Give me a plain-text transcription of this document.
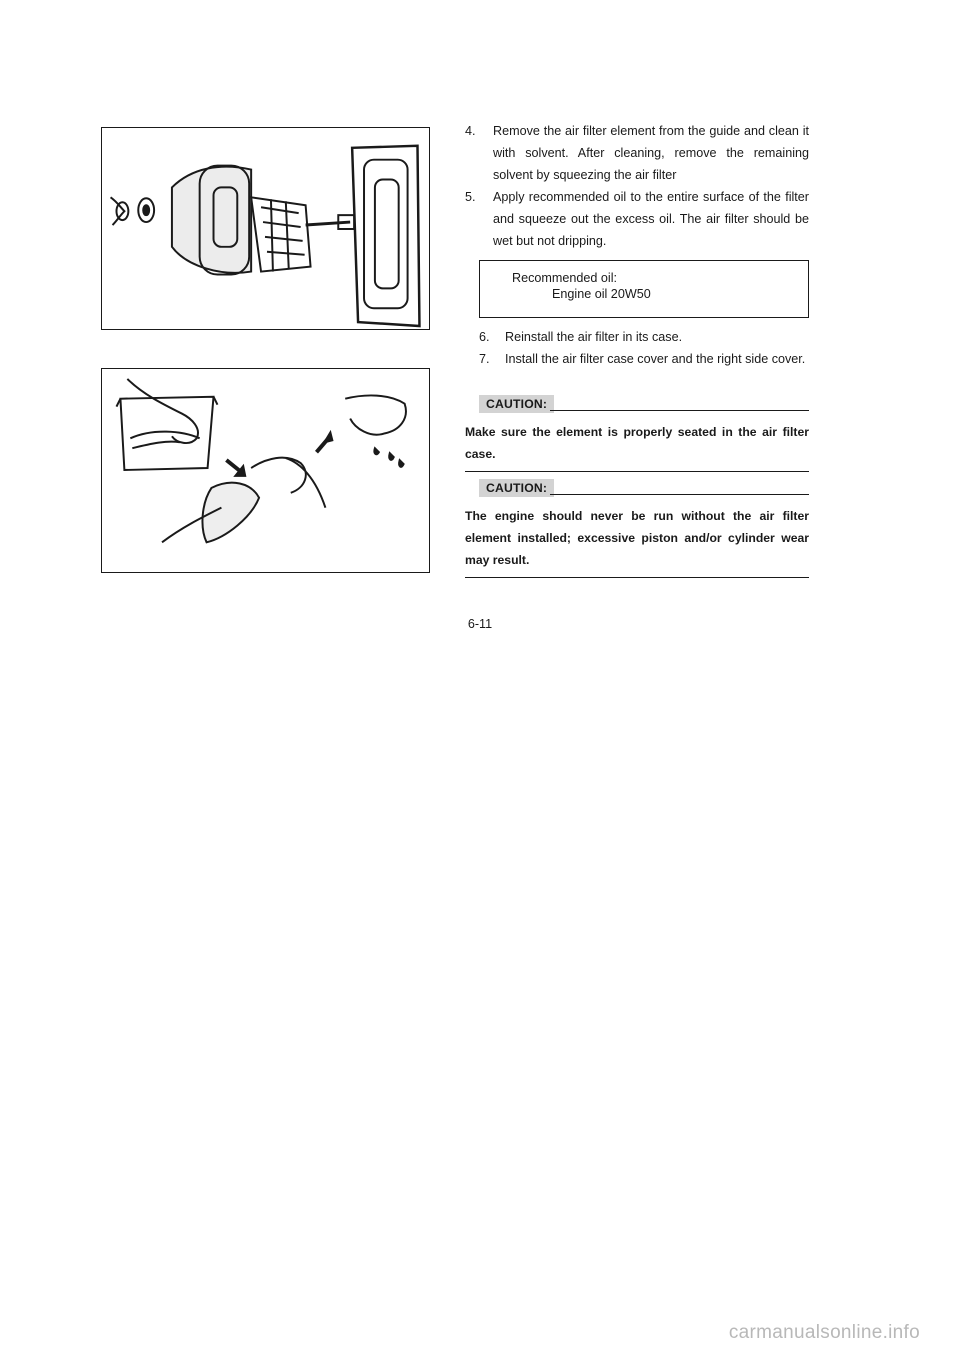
4. Remove the air filter element from the guide and clean it with solvent. After cleaning, remove the remaining solvent by squeezing the air filter
5. Apply recommended oil to the entire surface of the filter and squeeze out the excess oil. The air filter should be wet but not dripping.
Recommended oil:
Engine oil 20W50
6. Reinstall the air filter in its case.
7. Install the air filter case cover and the right side cover.
CAUTION:
Make sure the element is properly seated in the air filter case.
CAUTION:
The engine should never be run without the air filter element installed; excessive piston and/or cylinder wear may result.
6-11
carmanualsonline.info
